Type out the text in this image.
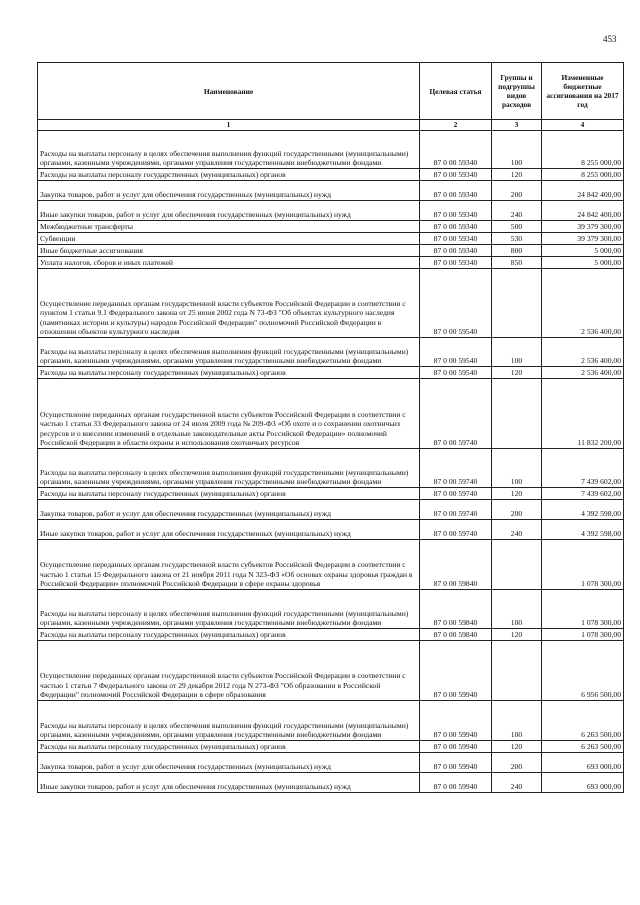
453
Наименование	Целевая статья	Группы и подгруппы видов расходов	Измененные бюджетные ассигнования на 2017 год
1	2	3	4
Расходы на выплаты персоналу в целях обеспечения выполнения функций государственными (муниципальными) органами, казенными учреждениями, органами управления государственными внебюджетными фондами	87 0 00 59340	100	8 255 000,00
Расходы на выплаты персоналу государственных (муниципальных) органов	87 0 00 59340	120	8 255 000,00
Закупка товаров, работ и услуг для обеспечения государственных (муниципальных) нужд	87 0 00 59340	200	24 842 400,00
Иные закупки товаров, работ и услуг для обеспечения государственных (муниципальных) нужд	87 0 00 59340	240	24 842 400,00
Межбюджетные трансферты	87 0 00 59340	500	39 379 300,00
Субвенции	87 0 00 59340	530	39 379 300,00
Иные бюджетные ассигнования	87 0 00 59340	800	5 000,00
Уплата налогов, сборов и иных платежей	87 0 00 59340	850	5 000,00
Осуществление переданных органам государственной власти субъектов Российской Федерации в соответствии с пунктом 1 статьи 9.1 Федерального закона от 25 июня 2002 года N 73-ФЗ "Об объектах культурного наследия (памятниках истории и культуры) народов Российской Федерации" полномочий Российской Федерации в отношении объектов культурного наследия	87 0 00 59540		2 536 400,00
Расходы на выплаты персоналу в целях обеспечения выполнения функций государственными (муниципальными) органами, казенными учреждениями, органами управления государственными внебюджетными фондами	87 0 00 59540	100	2 536 400,00
Расходы на выплаты персоналу государственных (муниципальных) органов	87 0 00 59540	120	2 536 400,00
Осуществление переданных органам государственной власти субъектов Российской Федерации в соответствии с частью 1 статьи 33 Федерального закона от 24 июля 2009 года № 209-ФЗ «Об охоте и о сохранении охотничьих ресурсов и о внесении изменений в отдельные законодательные акты Российской Федерации» полномочий Российской Федерации в области охраны и использования охотничьих ресурсов	87 0 00 59740		11 832 200,00
Расходы на выплаты персоналу в целях обеспечения выполнения функций государственными (муниципальными) органами, казенными учреждениями, органами управления государственными внебюджетными фондами	87 0 00 59740	100	7 439 602,00
Расходы на выплаты персоналу государственных (муниципальных) органов	87 0 00 59740	120	7 439 602,00
Закупка товаров, работ и услуг для обеспечения государственных (муниципальных) нужд	87 0 00 59740	200	4 392 598,00
Иные закупки товаров, работ и услуг для обеспечения государственных (муниципальных) нужд	87 0 00 59740	240	4 392 598,00
Осуществление переданных органам государственной власти субъектов Российской Федерации в соответствии с частью 1 статьи 15 Федерального закона от 21 ноября 2011 года N 323-ФЗ «Об основах охраны здоровья граждан в Российской Федерации» полномочий Российской Федерации в сфере охраны здоровья	87 0 00 59840		1 078 300,00
Расходы на выплаты персоналу в целях обеспечения выполнения функций государственными (муниципальными) органами, казенными учреждениями, органами управления государственными внебюджетными фондами	87 0 00 59840	100	1 078 300,00
Расходы на выплаты персоналу государственных (муниципальных) органов	87 0 00 59840	120	1 078 300,00
Осуществление переданных органам государственной власти субъектов Российской Федерации в соответствии с частью 1 статьи 7 Федерального закона от 29 декабря 2012 года N 273-ФЗ "Об образовании в Российской Федерации" полномочий Российской Федерации в сфере образования	87 0 00 59940		6 956 500,00
Расходы на выплаты персоналу в целях обеспечения выполнения функций государственными (муниципальными) органами, казенными учреждениями, органами управления государственными внебюджетными фондами	87 0 00 59940	100	6 263 500,00
Расходы на выплаты персоналу государственных (муниципальных) органов	87 0 00 59940	120	6 263 500,00
Закупка товаров, работ и услуг для обеспечения государственных (муниципальных) нужд	87 0 00 59940	200	693 000,00
Иные закупки товаров, работ и услуг для обеспечения государственных (муниципальных) нужд	87 0 00 59940	240	693 000,00
